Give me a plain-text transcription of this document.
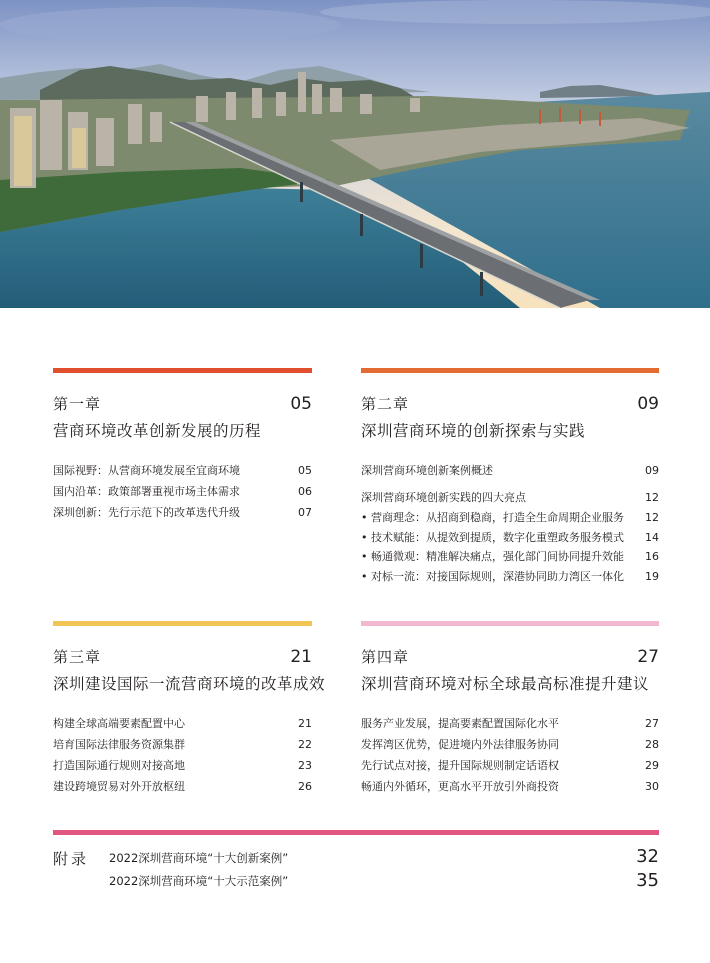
第一章	05
营商环境改革创新发展的历程
国际视野：从营商环境发展至宜商环境	05
国内沿革：政策部署重视市场主体需求	06
深圳创新：先行示范下的改革迭代升级	07
第二章	09
深圳营商环境的创新探索与实践
深圳营商环境创新案例概述	09
深圳营商环境创新实践的四大亮点	12
• 营商理念：从招商到稳商，打造全生命周期企业服务	12
• 技术赋能：从提效到提质，数字化重塑政务服务模式	14
• 畅通微观：精准解决痛点，强化部门间协同提升效能	16
• 对标一流：对接国际规则，深港协同助力湾区一体化	19
第三章	21
深圳建设国际一流营商环境的改革成效
构建全球高端要素配置中心	21
培育国际法律服务资源集群	22
打造国际通行规则对接高地	23
建设跨境贸易对外开放枢纽	26
第四章	27
深圳营商环境对标全球最高标准提升建议
服务产业发展，提高要素配置国际化水平	27
发挥湾区优势，促进境内外法律服务协同	28
先行试点对接，提升国际规则制定话语权	29
畅通内外循环，更高水平开放引外商投资	30
附录 2022深圳营商环境“十大创新案例”	32
2022深圳营商环境“十大示范案例”	35
